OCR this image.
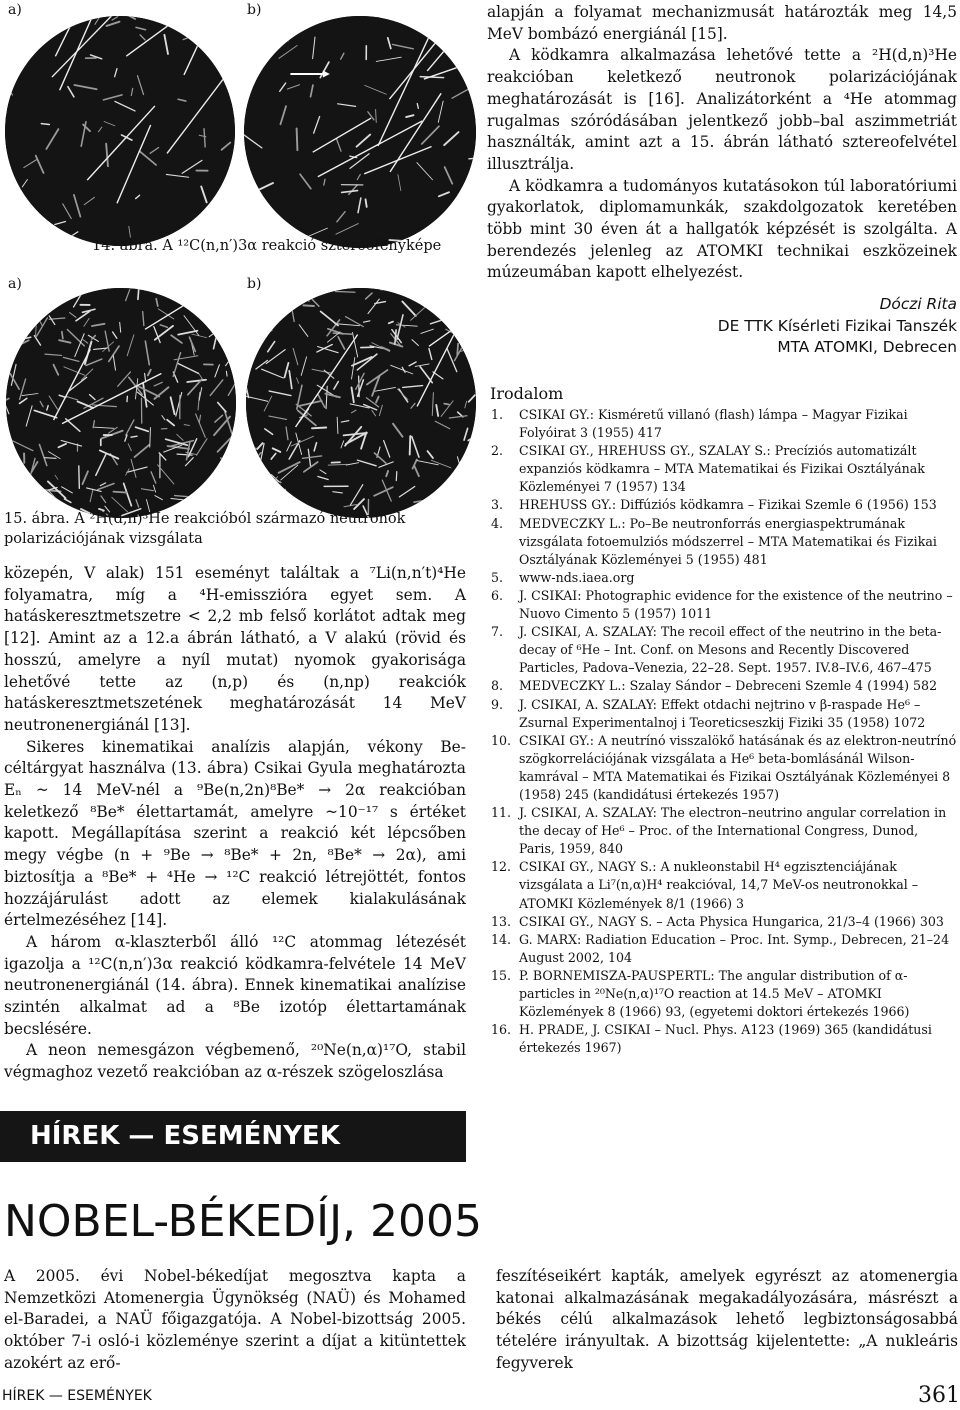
a)	b)
14. ábra. A ¹²C(n,n′)3α reakció sztereofényképe
a)	b)
15. ábra. A ²H(d,n)³He reakcióból származó neutronok polarizációjának vizsgálata

közepén, V alak) 151 eseményt találtak a ⁷Li(n,n′t)⁴He folyamatra, míg a ⁴H-emisszióra egyet sem. A hatáskeresztmetszetre < 2,2 mb felső korlátot adtak meg [12]. Amint az a 12.a ábrán látható, a V alakú (rövid és hosszú, amelyre a nyíl mutat) nyomok gyakorisága lehetővé tette az (n,p) és (n,np) reakciók hatáskeresztmetszetének meghatározását 14 MeV neutronenergiánál [13].

Sikeres kinematikai analízis alapján, vékony Be-céltárgyat használva (13. ábra) Csikai Gyula meghatározta Eₙ ~ 14 MeV-nél a ⁹Be(n,2n)⁸Be* → 2α reakcióban keletkező ⁸Be* élettartamát, amelyre ~10⁻¹⁷ s értéket kapott. Megállapítása szerint a reakció két lépcsőben megy végbe (n + ⁹Be → ⁸Be* + 2n, ⁸Be* → 2α), ami biztosítja a ⁸Be* + ⁴He → ¹²C reakció létrejöttét, fontos hozzájárulást adott az elemek kialakulásának értelmezéséhez [14].

A három α-klaszterből álló ¹²C atommag létezését igazolja a ¹²C(n,n′)3α reakció ködkamra-felvétele 14 MeV neutronenergiánál (14. ábra). Ennek kinematikai analízise szintén alkalmat ad a ⁸Be izotóp élettartamának becslésére.

A neon nemesgázon végbemenő, ²⁰Ne(n,α)¹⁷O, stabil végmaghoz vezető reakcióban az α-részek szögeloszlása

alapján a folyamat mechanizmusát határozták meg 14,5 MeV bombázó energiánál [15].

A ködkamra alkalmazása lehetővé tette a ²H(d,n)³He reakcióban keletkező neutronok polarizációjának meghatározását is [16]. Analizátorként a ⁴He atommag rugalmas szóródásában jelentkező jobb–bal aszimmetriát használták, amint azt a 15. ábrán látható sztereofelvétel illusztrálja.

A ködkamra a tudományos kutatásokon túl laboratóriumi gyakorlatok, diplomamunkák, szakdolgozatok keretében több mint 30 éven át a hallgatók képzését is szolgálta. A berendezés jelenleg az ATOMKI technikai eszközeinek múzeumában kapott elhelyezést.

Dóczi Rita
DE TTK Kísérleti Fizikai Tanszék
MTA ATOMKI, Debrecen
Irodalom
1. CSIKAI GY.: Kisméretű villanó (flash) lámpa – Magyar Fizikai Folyóirat 3 (1955) 417
2. CSIKAI GY., HREHUSS GY., SZALAY S.: Precíziós automatizált expanziós ködkamra – MTA Matematikai és Fizikai Osztályának Közleményei 7 (1957) 134
3. HREHUSS GY.: Diffúziós ködkamra – Fizikai Szemle 6 (1956) 153
4. MEDVECZKY L.: Po–Be neutronforrás energiaspektrumának vizsgálata fotoemulziós módszerrel – MTA Matematikai és Fizikai Osztályának Közleményei 5 (1955) 481
5. www-nds.iaea.org
6. J. CSIKAI: Photographic evidence for the existence of the neutrino – Nuovo Cimento 5 (1957) 1011
7. J. CSIKAI, A. SZALAY: The recoil effect of the neutrino in the beta-decay of ⁶He – Int. Conf. on Mesons and Recently Discovered Particles, Padova–Venezia, 22–28. Sept. 1957. IV.8–IV.6, 467–475
8. MEDVECZKY L.: Szalay Sándor – Debreceni Szemle 4 (1994) 582
9. J. CSIKAI, A. SZALAY: Effekt otdachi nejtrino v β-raspade He⁶ – Zsurnal Experimentalnoj i Teoreticseszkij Fiziki 35 (1958) 1072
10. CSIKAI GY.: A neutrínó visszalökő hatásának és az elektron-neutrínó szögkorrelációjának vizsgálata a He⁶ beta-bomlásánál Wilson-kamrával – MTA Matematikai és Fizikai Osztályának Közleményei 8 (1958) 245 (kandidátusi értekezés 1957)
11. J. CSIKAI, A. SZALAY: The electron–neutrino angular correlation in the decay of He⁶ – Proc. of the International Congress, Dunod, Paris, 1959, 840
12. CSIKAI GY., NAGY S.: A nukleonstabil H⁴ egzisztenciájának vizsgálata a Li⁷(n,α)H⁴ reakcióval, 14,7 MeV-os neutronokkal – ATOMKI Közlemények 8/1 (1966) 3
13. CSIKAI GY., NAGY S. – Acta Physica Hungarica, 21/3–4 (1966) 303
14. G. MARX: Radiation Education – Proc. Int. Symp., Debrecen, 21–24 August 2002, 104
15. P. BORNEMISZA-PAUSPERTL: The angular distribution of α-particles in ²⁰Ne(n,α)¹⁷O reaction at 14.5 MeV – ATOMKI Közlemények 8 (1966) 93, (egyetemi doktori értekezés 1966)
16. H. PRADE, J. CSIKAI – Nucl. Phys. A123 (1969) 365 (kandidátusi értekezés 1967)
HÍREK — ESEMÉNYEK
NOBEL-BÉKEDÍJ, 2005

A 2005. évi Nobel-békedíjat megosztva kapta a Nemzetközi Atomenergia Ügynökség (NAÜ) és Mohamed el-Baradei, a NAÜ főigazgatója. A Nobel-bizottság 2005. október 7-i osló-i közleménye szerint a díjat a kitüntettek azokért az erő-

feszítéseikért kapták, amelyek egyrészt az atomenergia katonai alkalmazásának megakadályozására, másrészt a békés célú alkalmazások lehető legbiztonságosabbá tételére irányultak. A bizottság kijelentette: „A nukleáris fegyverek

HÍREK — ESEMÉNYEK	361
